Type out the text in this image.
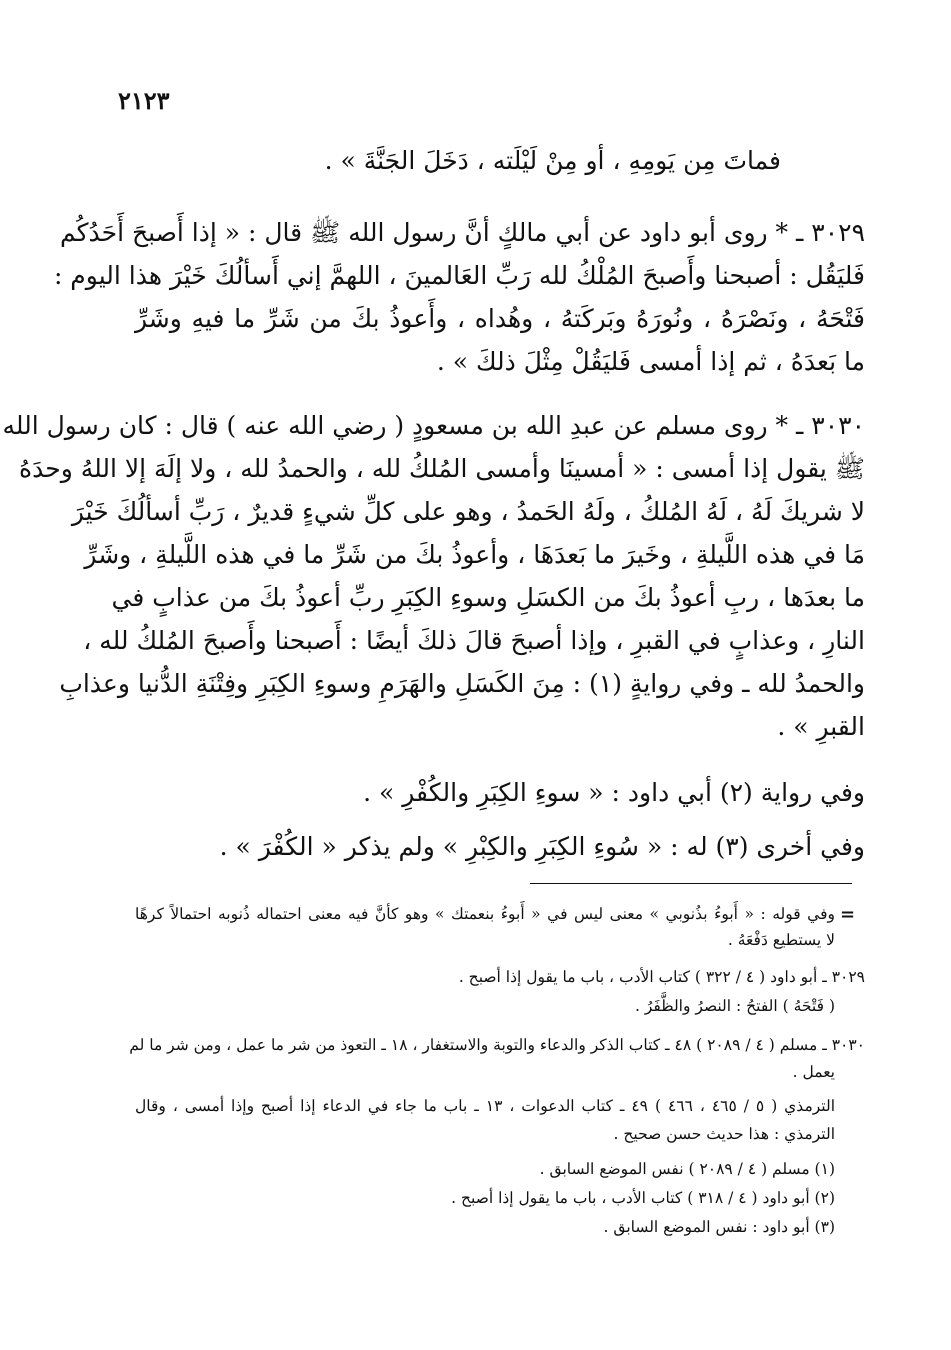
٢١٢٣
فماتَ مِن يَومِهِ ، أو مِنْ لَيْلَته ، دَخَلَ الجَنَّةَ » .
٣٠٢٩ ـ * روى أبو داود عن أبي مالكٍ أنَّ رسول الله ﷺ قال : « إذا أَصبحَ أَحَدُكُم
فَليَقُل : أصبحنا وأَصبحَ المُلْكُ لله رَبِّ العَالمينَ ، اللهمَّ إني أَسألُكَ خَيْرَ هذا اليوم :
فَتْحَهُ ، ونَصْرَهُ ، ونُورَهُ وبَركَتهُ ، وهُداه ، وأَعوذُ بكَ من شَرِّ ما فيهِ وشَرِّ
ما بَعدَهُ ، ثم إذا أمسى فَليَقُلْ مِثْلَ ذلكَ » .
٣٠٣٠ ـ * روى مسلم عن عبدِ الله بن مسعودٍ ( رضي الله عنه ) قال : كان رسول الله
ﷺ يقول إذا أمسى : « أمسينَا وأمسى المُلكُ لله ، والحمدُ لله ، ولا إلَهَ إلا اللهُ وحدَهُ
لا شريكَ لَهُ ، لَهُ المُلكُ ، ولَهُ الحَمدُ ، وهو على كلِّ شيءٍ قديرٌ ، رَبِّ أسألُكَ خَيْرَ
مَا في هذه اللَّيلةِ ، وخَيرَ ما بَعدَهَا ، وأعوذُ بكَ من شَرِّ ما في هذه اللَّيلةِ ، وشَرِّ
ما بعدَها ، ربِ أعوذُ بكَ من الكسَلِ وسوءِ الكِبَرِ ربِّ أعوذُ بكَ من عذابٍ في
النارِ ، وعذابٍ في القبرِ ، وإذا أصبحَ قالَ ذلكَ أيضًا : أَصبحنا وأَصبحَ المُلكُ لله ،
والحمدُ لله ـ وفي روايةٍ (١) : مِنَ الكَسَلِ والهَرَمِ وسوءِ الكِبَرِ وفِتْنَةِ الدُّنيا وعذابِ
القبرِ » .
وفي رواية (٢) أبي داود : « سوءِ الكِبَرِ والكُفْرِ » .
وفي أخرى (٣) له : « سُوءِ الكِبَرِ والكِبْرِ » ولم يذكر « الكُفْرَ » .
=
وفي قوله : « أَبوءُ بذُنوبي » معنى ليس في « أَبوءُ بنعمتك » وهو كأنَّ فيه معنى احتماله ذُنوبه احتمالاً كرهًا
لا يستطيع دَفْعَهُ .
٣٠٢٩ ـ أبو داود ( ٤ / ٣٢٢ ) كتاب الأدب ، باب ما يقول إذا أصبح .
( فَتْحَهُ ) الفتحُ : النصرُ والظَّفَرُ .
٣٠٣٠ ـ مسلم ( ٤ / ٢٠٨٩ ) ٤٨ ـ كتاب الذكر والدعاء والتوبة والاستغفار ، ١٨ ـ التعوذ من شر ما عمل ، ومن شر ما لم
يعمل .
الترمذي ( ٥ / ٤٦٥ ، ٤٦٦ ) ٤٩ ـ كتاب الدعوات ، ١٣ ـ باب ما جاء في الدعاء إذا أصبح وإذا أمسى ، وقال
الترمذي : هذا حديث حسن صحيح .
(١) مسلم ( ٤ / ٢٠٨٩ ) نفس الموضع السابق .
(٢) أبو داود ( ٤ / ٣١٨ ) كتاب الأدب ، باب ما يقول إذا أصبح .
(٣) أبو داود : نفس الموضع السابق .
